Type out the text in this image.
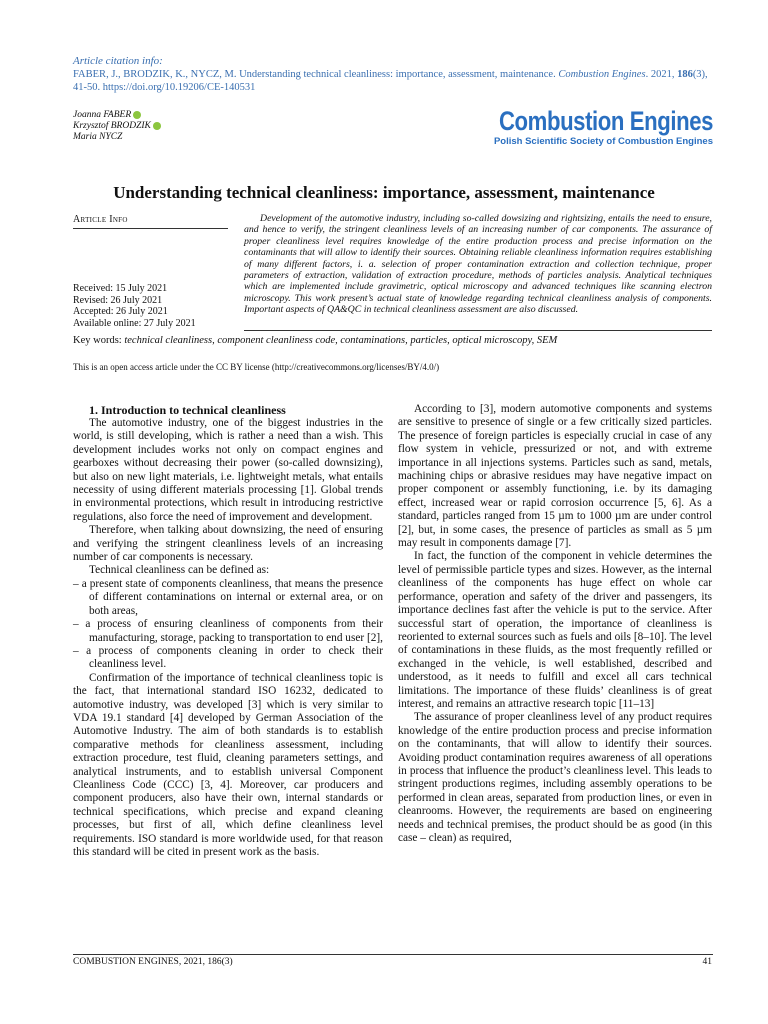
Article citation info:
FABER, J., BRODZIK, K., NYCZ, M. Understanding technical cleanliness: importance, assessment, maintenance. Combustion Engines. 2021, 186(3), 41-50. https://doi.org/10.19206/CE-140531
Joanna FABER
Krzysztof BRODZIK
Maria NYCZ
Combustion Engines
Polish Scientific Society of Combustion Engines
Understanding technical cleanliness: importance, assessment, maintenance
Article Info
Received: 15 July 2021
Revised: 26 July 2021
Accepted: 26 July 2021
Available online: 27 July 2021
Development of the automotive industry, including so-called dowsizing and rightsizing, entails the need to ensure, and hence to verify, the stringent cleanliness levels of an increasing number of car components. The assurance of proper cleanliness level requires knowledge of the entire production process and precise information on the contaminants that will allow to identify their sources. Obtaining reliable cleanliness information requires establishing of many different factors, i. a. selection of proper contamination extraction and collection technique, proper parameters of extraction, validation of extraction procedure, methods of particles analysis. Analytical techniques which are implemented include gravimetric, optical microscopy and advanced techniques like scanning electron microscopy. This work present’s actual state of knowledge regarding technical cleanliness analysis of components. Important aspects of QA&QC in technical cleanliness assessment are also discussed.
Key words: technical cleanliness, component cleanliness code, contaminations, particles, optical microscopy, SEM
This is an open access article under the CC BY license (http://creativecommons.org/licenses/BY/4.0/)

1. Introduction to technical cleanliness

The automotive industry, one of the biggest industries in the world, is still developing, which is rather a need than a wish. This development includes works not only on compact engines and gearboxes without decreasing their power (so-called downsizing), but also on new light materials, i.e. lightweight metals, what entails necessity of using different materials processing [1]. Global trends in environmental protections, which result in introducing restrictive regulations, also force the need of improvement and development.

Therefore, when talking about downsizing, the need of ensuring and verifying the stringent cleanliness levels of an increasing number of car components is necessary.

Technical cleanliness can be defined as:

– a present state of components cleanliness, that means the presence of different contaminations on internal or external area, or on both areas,

– a process of ensuring cleanliness of components from their manufacturing, storage, packing to transportation to end user [2],

– a process of components cleaning in order to check their cleanliness level.

Confirmation of the importance of technical cleanliness topic is the fact, that international standard ISO 16232, dedicated to automotive industry, was developed [3] which is very similar to VDA 19.1 standard [4] developed by German Association of the Automotive Industry. The aim of both standards is to establish comparative methods for cleanliness assessment, including extraction procedure, test fluid, cleaning parameters settings, and analytical instruments, and to establish universal Component Cleanliness Code (CCC) [3, 4]. Moreover, car producers and component producers, also have their own, internal standards or technical specifications, which precise and expand cleaning processes, but first of all, which define cleanliness level requirements. ISO standard is more worldwide used, for that reason this standard will be cited in present work as the basis.

According to [3], modern automotive components and systems are sensitive to presence of single or a few critically sized particles. The presence of foreign particles is especially crucial in case of any flow system in vehicle, pressurized or not, and with extreme importance in all injections systems. Particles such as sand, metals, machining chips or abrasive residues may have negative impact on proper component or assembly functioning, i.e. by its damaging effect, increased wear or rapid corrosion occurrence [5, 6]. As a standard, particles ranged from 15 µm to 1000 µm are under control [2], but, in some cases, the presence of particles as small as 5 µm may result in components damage [7].

In fact, the function of the component in vehicle determines the level of permissible particle types and sizes. However, as the internal cleanliness of the components has huge effect on whole car performance, operation and safety of the driver and passengers, its importance declines fast after the vehicle is put to the service. After successful start of operation, the importance of cleanliness is reoriented to external sources such as fuels and oils [8–10]. The level of contaminations in these fluids, as the most frequently refilled or exchanged in the vehicle, is well established, described and understood, as it needs to fulfill and excel all cars technical limitations. The importance of these fluids’ cleanliness is of great interest, and remains an attractive research topic [11–13]

The assurance of proper cleanliness level of any product requires knowledge of the entire production process and precise information on the contaminants, that will allow to identify their sources. Avoiding product contamination requires awareness of all operations in process that influence the product’s cleanliness level. This leads to stringent productions regimes, including assembly operations to be performed in clean areas, separated from production lines, or even in cleanrooms. However, the requirements are based on engineering needs and technical premises, the product should be as good (in this case – clean) as required,

COMBUSTION ENGINES, 2021, 186(3)	41
